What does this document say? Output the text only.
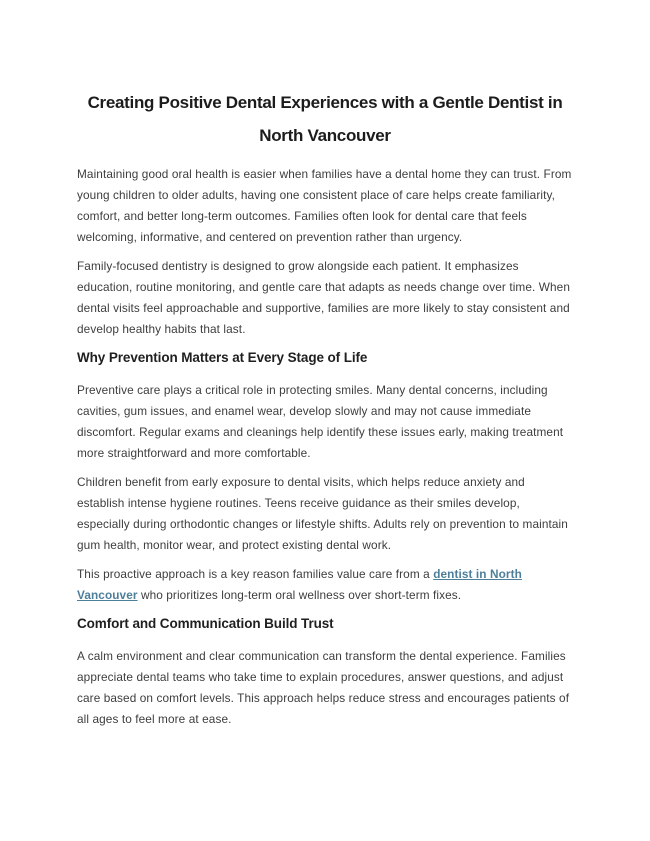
Creating Positive Dental Experiences with a Gentle Dentist in North Vancouver

Maintaining good oral health is easier when families have a dental home they can trust. From young children to older adults, having one consistent place of care helps create familiarity, comfort, and better long-term outcomes. Families often look for dental care that feels welcoming, informative, and centered on prevention rather than urgency.

Family-focused dentistry is designed to grow alongside each patient. It emphasizes education, routine monitoring, and gentle care that adapts as needs change over time. When dental visits feel approachable and supportive, families are more likely to stay consistent and develop healthy habits that last.

Why Prevention Matters at Every Stage of Life

Preventive care plays a critical role in protecting smiles. Many dental concerns, including cavities, gum issues, and enamel wear, develop slowly and may not cause immediate discomfort. Regular exams and cleanings help identify these issues early, making treatment more straightforward and more comfortable.

Children benefit from early exposure to dental visits, which helps reduce anxiety and establish intense hygiene routines. Teens receive guidance as their smiles develop, especially during orthodontic changes or lifestyle shifts. Adults rely on prevention to maintain gum health, monitor wear, and protect existing dental work.

This proactive approach is a key reason families value care from a dentist in North Vancouver who prioritizes long-term oral wellness over short-term fixes.

Comfort and Communication Build Trust

A calm environment and clear communication can transform the dental experience. Families appreciate dental teams who take time to explain procedures, answer questions, and adjust care based on comfort levels. This approach helps reduce stress and encourages patients of all ages to feel more at ease.
